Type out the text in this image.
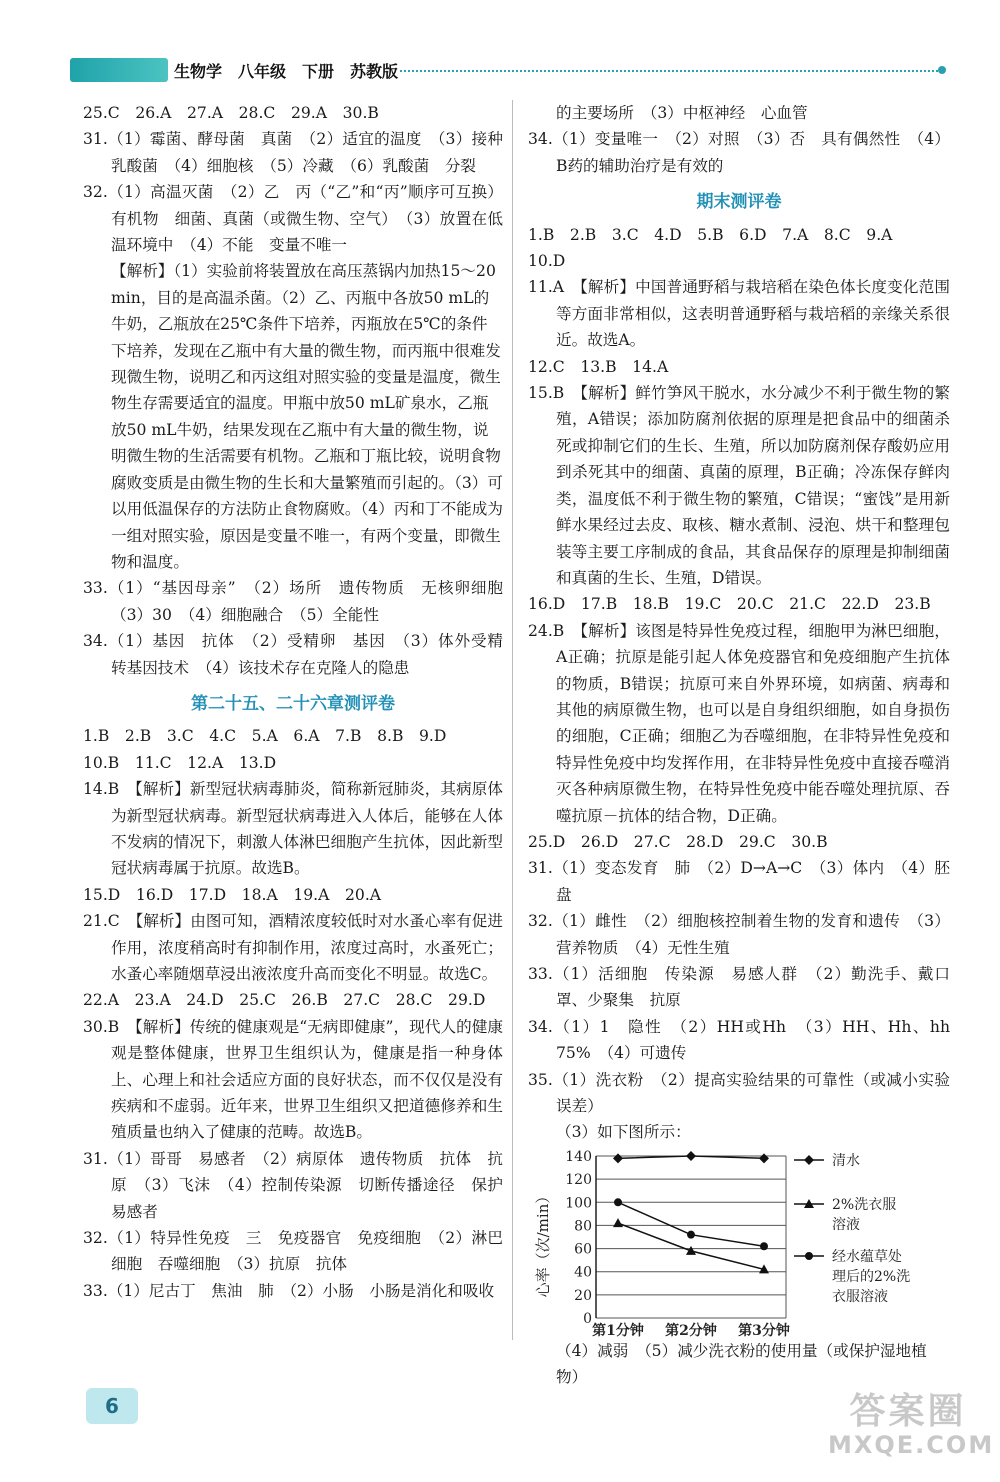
生物学　八年级　下册　苏教版

25.C　26.A　27.A　28.C　29.A　30.B

31.（1）霉菌、酵母菌　真菌　（2）适宜的温度　（3）接种乳酸菌　（4）细胞核　（5）冷藏　（6）乳酸菌　分裂

32.（1）高温灭菌　（2）乙　丙（“乙”和“丙”顺序可互换）有机物　细菌、真菌（或微生物、空气）　（3）放置在低温环境中　（4）不能　变量不唯一

【解析】（1）实验前将装置放在高压蒸锅内加热15～20 min，目的是高温杀菌。（2）乙、丙瓶中各放50 mL的牛奶，乙瓶放在25℃条件下培养，丙瓶放在5℃的条件下培养，发现在乙瓶中有大量的微生物，而丙瓶中很难发现微生物，说明乙和丙这组对照实验的变量是温度，微生物生存需要适宜的温度。甲瓶中放50 mL矿泉水，乙瓶放50 mL牛奶，结果发现在乙瓶中有大量的微生物，说明微生物的生活需要有机物。乙瓶和丁瓶比较，说明食物腐败变质是由微生物的生长和大量繁殖而引起的。（3）可以用低温保存的方法防止食物腐败。（4）丙和丁不能成为一组对照实验，原因是变量不唯一，有两个变量，即微生物和温度。

33.（1）“基因母亲”　（2）场所　遗传物质　无核卵细胞　（3）30　（4）细胞融合　（5）全能性

34.（1）基因　抗体　（2）受精卵　基因　（3）体外受精　转基因技术　（4）该技术存在克隆人的隐患

第二十五、二十六章测评卷

1.B　2.B　3.C　4.C　5.A　6.A　7.B　8.B　9.D

10.B　11.C　12.A　13.D

14.B　【解析】新型冠状病毒肺炎，简称新冠肺炎，其病原体为新型冠状病毒。新型冠状病毒进入人体后，能够在人体不发病的情况下，刺激人体淋巴细胞产生抗体，因此新型冠状病毒属于抗原。故选B。

15.D　16.D　17.D　18.A　19.A　20.A

21.C　【解析】由图可知，酒精浓度较低时对水蚤心率有促进作用，浓度稍高时有抑制作用，浓度过高时，水蚤死亡；水蚤心率随烟草浸出液浓度升高而变化不明显。故选C。

22.A　23.A　24.D　25.C　26.B　27.C　28.C　29.D

30.B　【解析】传统的健康观是“无病即健康”，现代人的健康观是整体健康，世界卫生组织认为，健康是指一种身体上、心理上和社会适应方面的良好状态，而不仅仅是没有疾病和不虚弱。近年来，世界卫生组织又把道德修养和生殖质量也纳入了健康的范畴。故选B。

31.（1）哥哥　易感者　（2）病原体　遗传物质　抗体　抗原　（3）飞沫　（4）控制传染源　切断传播途径　保护易感者

32.（1）特异性免疫　三　免疫器官　免疫细胞　（2）淋巴细胞　吞噬细胞　（3）抗原　抗体

33.（1）尼古丁　焦油　肺　（2）小肠　小肠是消化和吸收

的主要场所　（3）中枢神经　心血管

34.（1）变量唯一　（2）对照　（3）否　具有偶然性　（4）B药的辅助治疗是有效的

期末测评卷

1.B　2.B　3.C　4.D　5.B　6.D　7.A　8.C　9.A

10.D

11.A　【解析】中国普通野稻与栽培稻在染色体长度变化范围等方面非常相似，这表明普通野稻与栽培稻的亲缘关系很近。故选A。

12.C　13.B　14.A

15.B　【解析】鲜竹笋风干脱水，水分减少不利于微生物的繁殖，A错误；添加防腐剂依据的原理是把食品中的细菌杀死或抑制它们的生长、生殖，所以加防腐剂保存酸奶应用到杀死其中的细菌、真菌的原理，B正确；冷冻保存鲜肉类，温度低不利于微生物的繁殖，C错误；“蜜饯”是用新鲜水果经过去皮、取核、糖水煮制、浸泡、烘干和整理包装等主要工序制成的食品，其食品保存的原理是抑制细菌和真菌的生长、生殖，D错误。

16.D　17.B　18.B　19.C　20.C　21.C　22.D　23.B

24.B　【解析】该图是特异性免疫过程，细胞甲为淋巴细胞，A正确；抗原是能引起人体免疫器官和免疫细胞产生抗体的物质，B错误；抗原可来自外界环境，如病菌、病毒和其他的病原微生物，也可以是自身组织细胞，如自身损伤的细胞，C正确；细胞乙为吞噬细胞，在非特异性免疫和特异性免疫中均发挥作用，在非特异性免疫中直接吞噬消灭各种病原微生物，在特异性免疫中能吞噬处理抗原、吞噬抗原－抗体的结合物，D正确。

25.D　26.D　27.C　28.D　29.C　30.B

31.（1）变态发育　肺　（2）D→A→C　（3）体内　（4）胚盘

32.（1）雌性　（2）细胞核控制着生物的发育和遗传　（3）营养物质　（4）无性生殖

33.（1）活细胞　传染源　易感人群　（2）勤洗手、戴口罩、少聚集　抗原

34.（1）1　隐性　（2）HH或Hh　（3）HH、Hh、hh　75%　（4）可遗传

35.（1）洗衣粉　（2）提高实验结果的可靠性（或减小实验误差）

（3）如下图所示：

0
20
40
60
80
100
120
140
心率（次/min）
第1分钟 第2分钟 第3分钟
清水
2%洗衣服
溶液
经水蕴草处
理后的2%洗
衣服溶液

（4）减弱　（5）减少洗衣粉的使用量（或保护湿地植物）

6	答案圈
MXQE.COM
